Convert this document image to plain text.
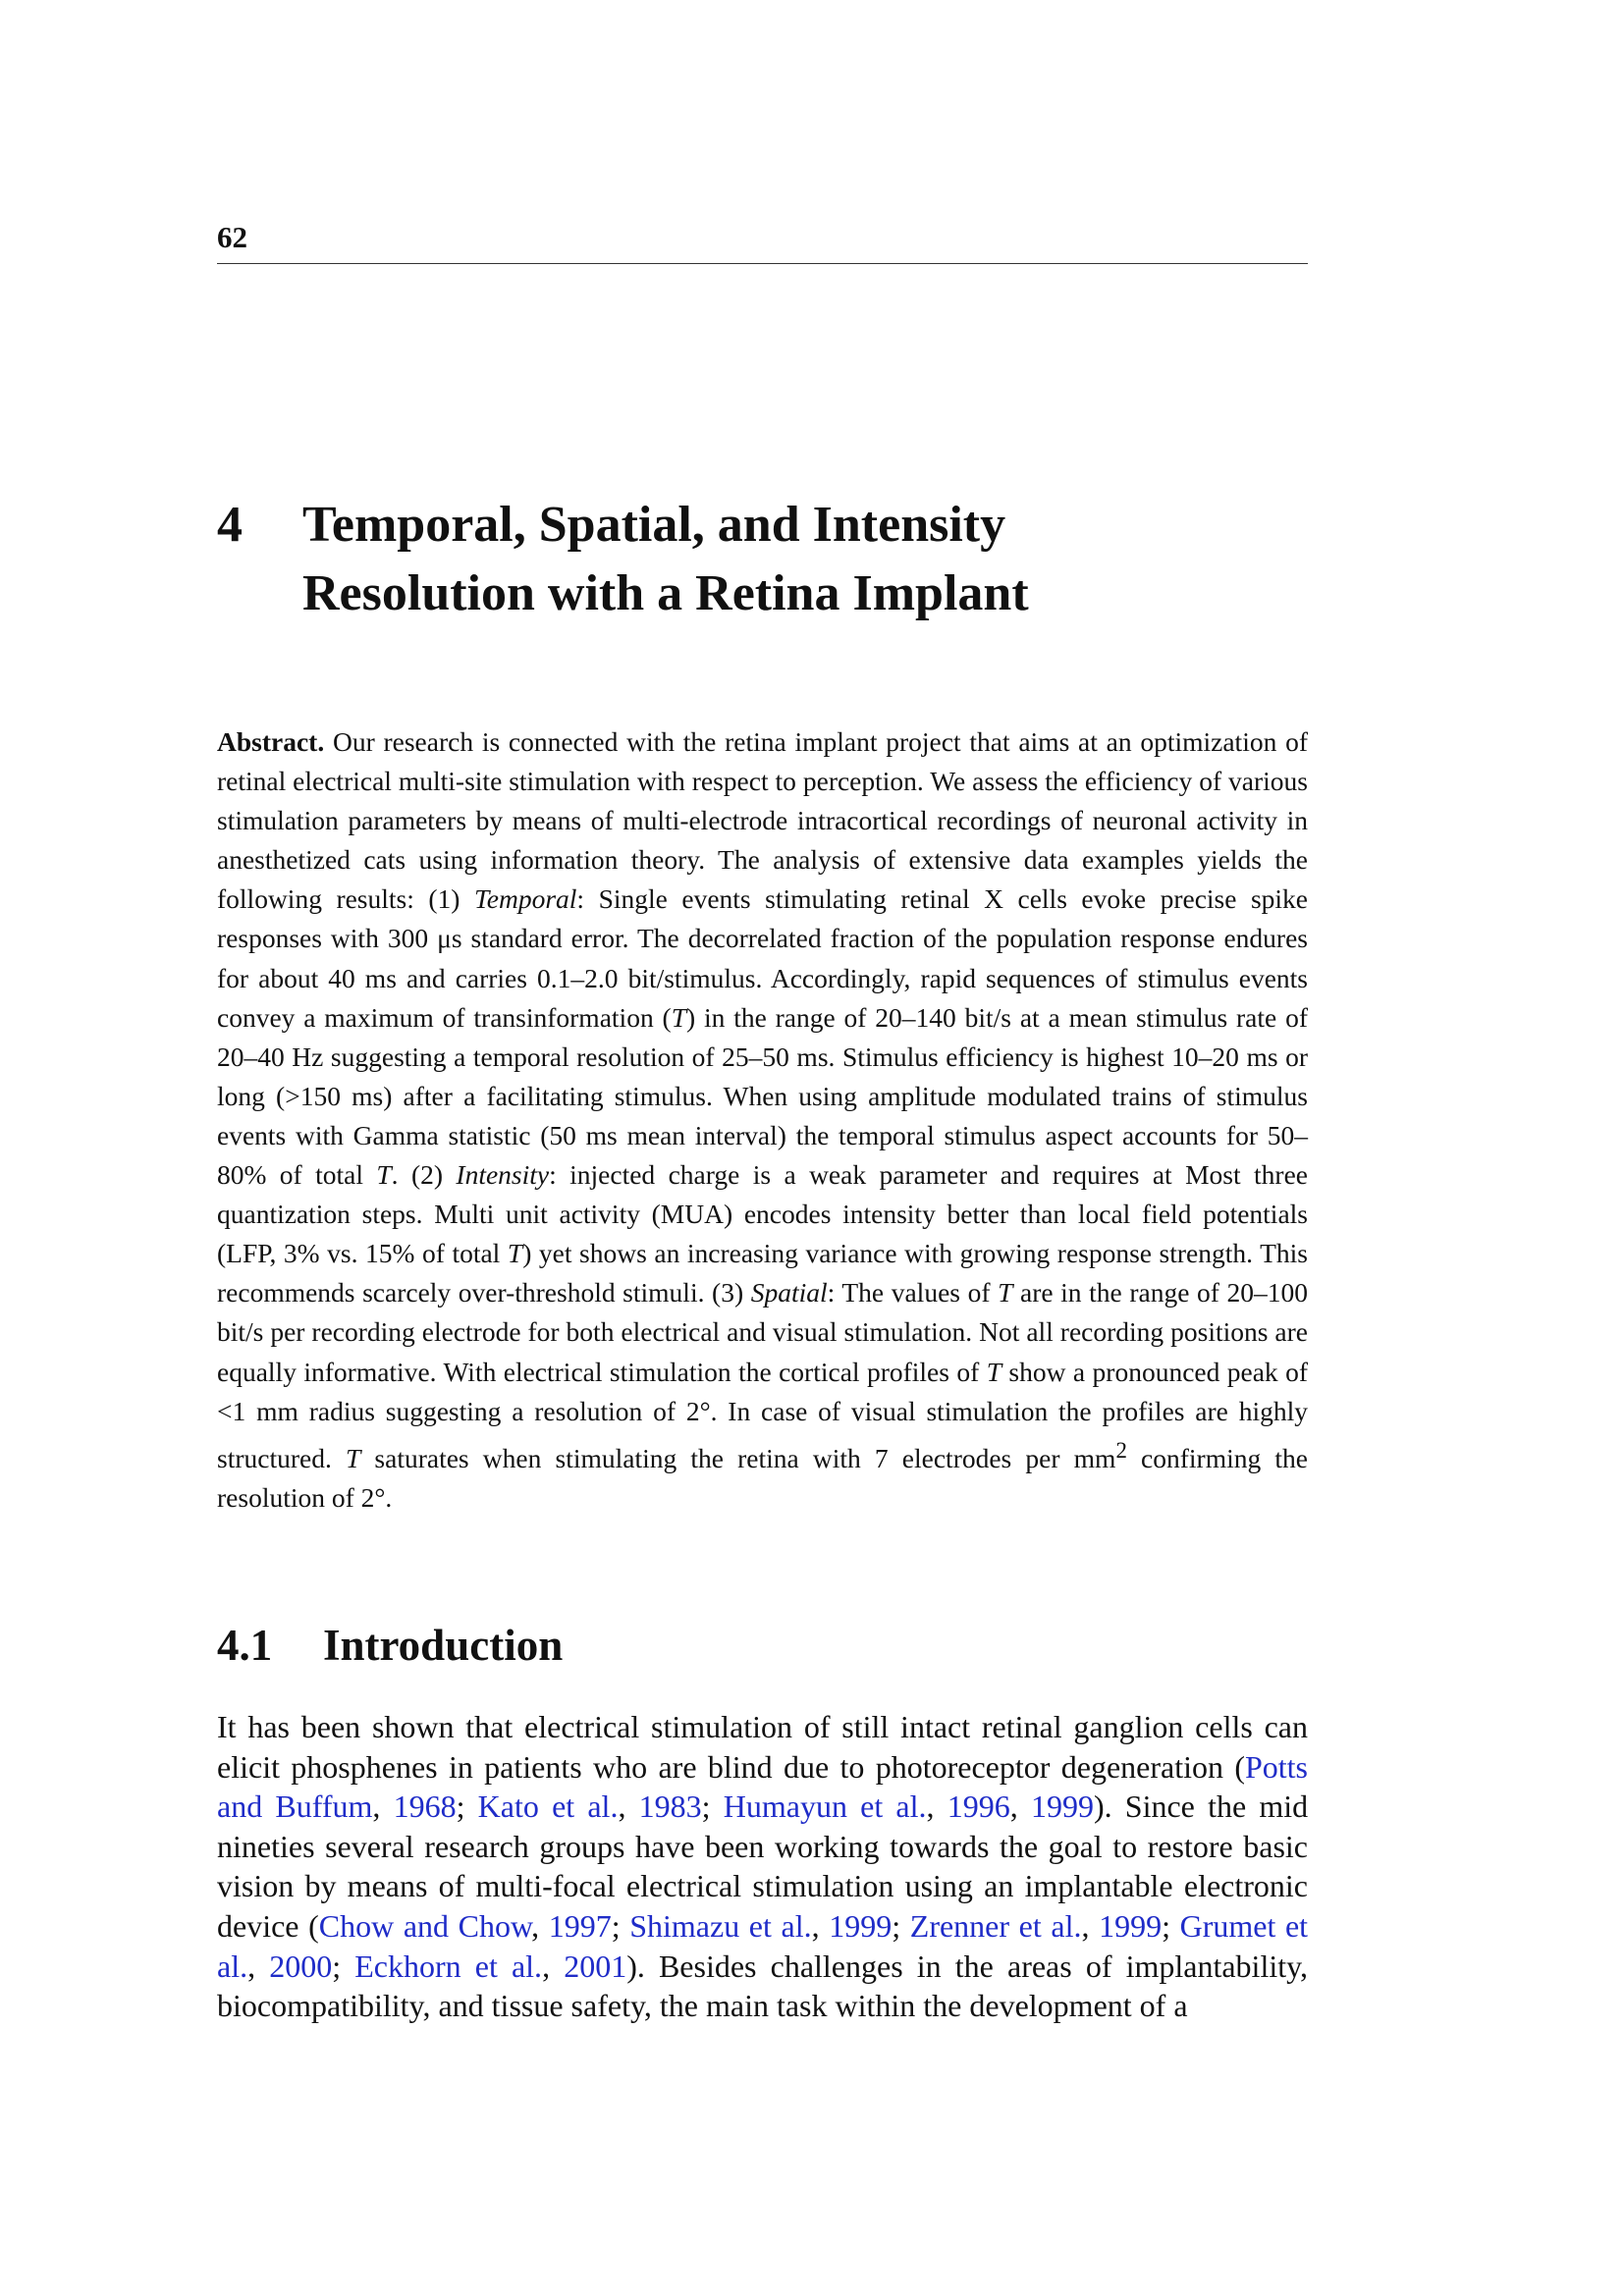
62
4 Temporal, Spatial, and Intensity
Resolution with a Retina Implant
Abstract. Our research is connected with the retina implant project that aims at an optimization of retinal electrical multi-site stimulation with respect to perception. We assess the efficiency of various stimulation parameters by means of multi-electrode intracortical recordings of neuronal activity in anesthetized cats using information theory. The analysis of extensive data examples yields the following results: (1) Temporal: Single events stimulating retinal X cells evoke precise spike responses with 300 μs standard error. The decorrelated fraction of the population response endures for about 40 ms and carries 0.1–2.0 bit/stimulus. Accordingly, rapid sequences of stimulus events convey a maximum of transinformation (T) in the range of 20–140 bit/s at a mean stimulus rate of 20–40 Hz suggesting a temporal resolution of 25–50 ms. Stimulus efficiency is highest 10–20 ms or long (>150 ms) after a facilitating stimulus. When using amplitude modulated trains of stimulus events with Gamma statistic (50 ms mean interval) the temporal stimulus aspect accounts for 50–80% of total T. (2) Intensity: injected charge is a weak parameter and requires at Most three quantization steps. Multi unit activity (MUA) encodes intensity better than local field potentials (LFP, 3% vs. 15% of total T) yet shows an increasing variance with growing response strength. This recommends scarcely over-threshold stimuli. (3) Spatial: The values of T are in the range of 20–100 bit/s per recording electrode for both electrical and visual stimulation. Not all recording positions are equally informative. With electrical stimulation the cortical profiles of T show a pronounced peak of <1 mm radius suggesting a resolution of 2°. In case of visual stimulation the profiles are highly structured. T saturates when stimulating the retina with 7 electrodes per $mm^2$ confirming the resolution of 2°.
4.1 Introduction
It has been shown that electrical stimulation of still intact retinal ganglion cells can elicit phosphenes in patients who are blind due to photoreceptor degeneration (Potts and Buffum, 1968; Kato et al., 1983; Humayun et al., 1996, 1999). Since the mid nineties several research groups have been working towards the goal to restore basic vision by means of multi-focal electrical stimulation using an implantable electronic device (Chow and Chow, 1997; Shimazu et al., 1999; Zrenner et al., 1999; Grumet et al., 2000; Eckhorn et al., 2001). Besides challenges in the areas of implantability, biocompatibility, and tissue safety, the main task within the development of a
